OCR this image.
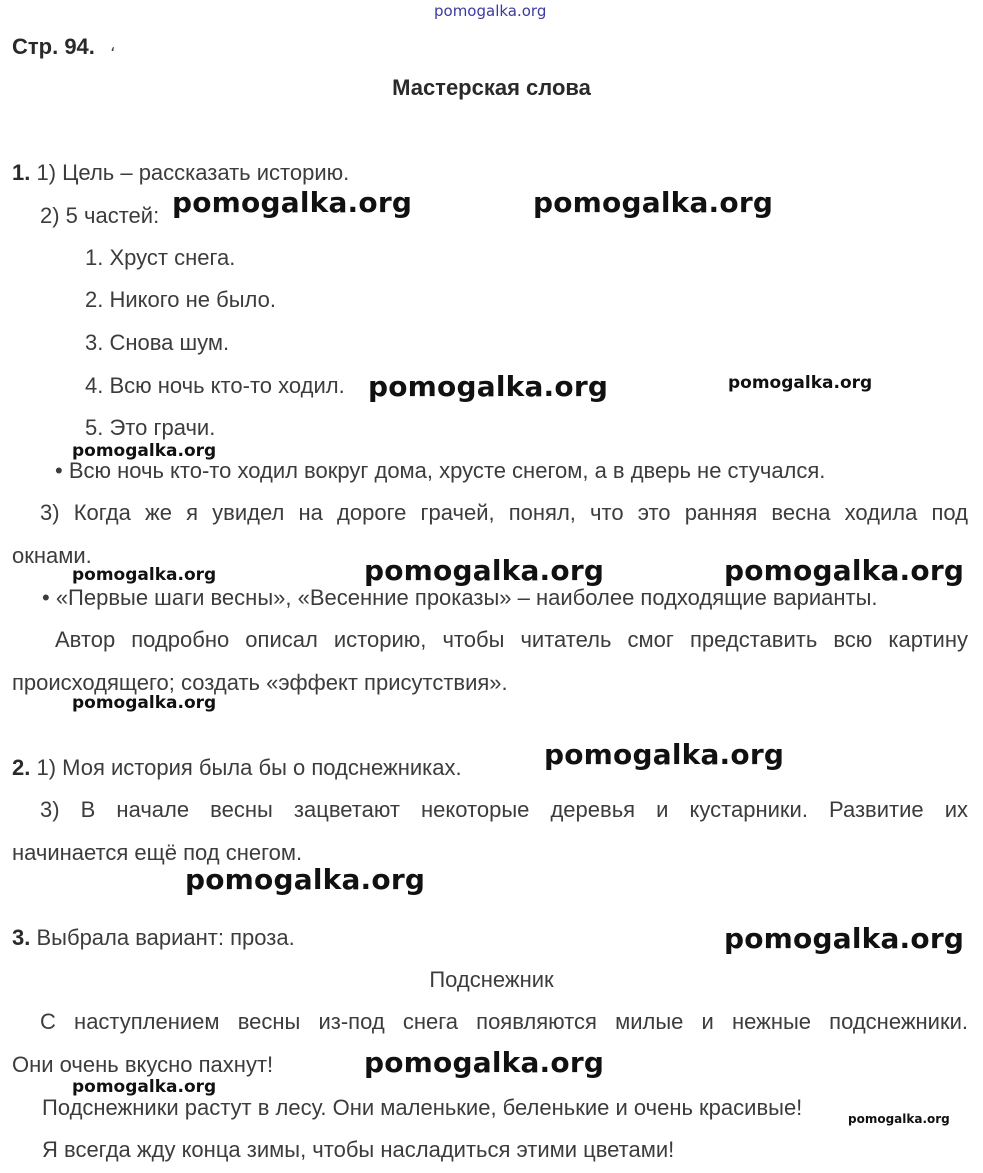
pomogalka.org
Стр. 94. ،
Мастерская слова
1. 1) Цель – рассказать историю.
2) 5 частей:
1. Хруст снега.
2. Никого не было.
3. Снова шум.
4. Всю ночь кто-то ходил.
5. Это грачи.
• Всю ночь кто-то ходил вокруг дома, хрусте снегом, а в дверь не стучался.
3) Когда же я увидел на дороге грачей, понял, что это ранняя весна ходила под
окнами.
• «Первые шаги весны», «Весенние проказы» – наиболее подходящие варианты.
Автор подробно описал историю, чтобы читатель смог представить всю картину
происходящего; создать «эффект присутствия».
2. 1) Моя история была бы о подснежниках.
3) В начале весны зацветают некоторые деревья и кустарники. Развитие их
начинается ещё под снегом.
3. Выбрала вариант: проза.
Подснежник
С наступлением весны из-под снега появляются милые и нежные подснежники.
Они очень вкусно пахнут!
Подснежники растут в лесу. Они маленькие, беленькие и очень красивые!
Я всегда жду конца зимы, чтобы насладиться этими цветами!
pomogalka.org	pomogalka.org
pomogalka.org	pomogalka.org
pomogalka.org
pomogalka.org	pomogalka.org
pomogalka.org
pomogalka.org
pomogalka.org
pomogalka.org
pomogalka.org
pomogalka.org
pomogalka.org
pomogalka.org
